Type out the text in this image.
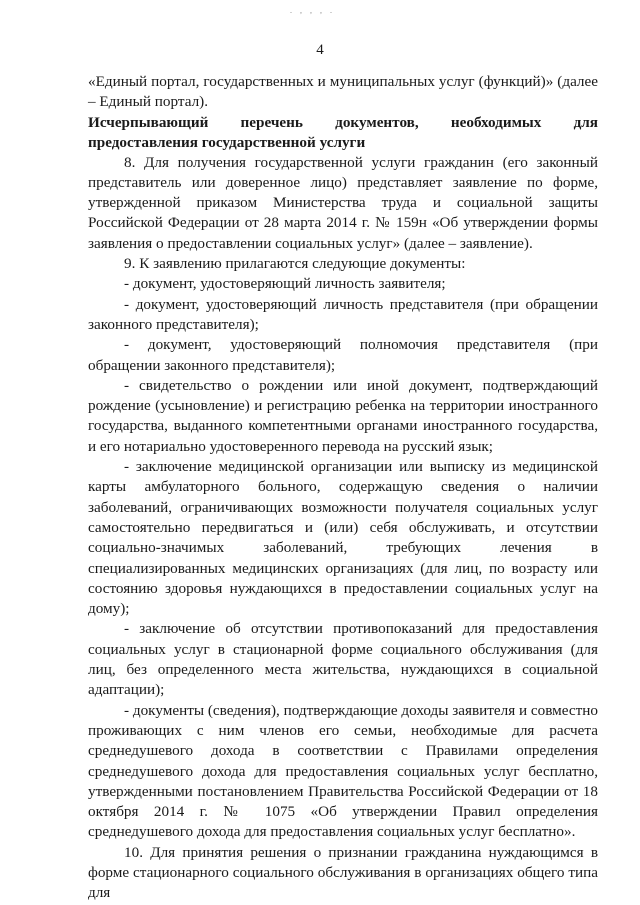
. , , , .
4

«Единый портал, государственных и муниципальных услуг (функций)» (далее – Единый портал).

Исчерпывающий перечень документов, необходимых для предоставления государственной услуги

8. Для получения государственной услуги гражданин (его законный представитель или доверенное лицо) представляет заявление по форме, утвержденной приказом Министерства труда и социальной защиты Российской Федерации от 28 марта 2014 г. № 159н «Об утверждении формы заявления о предоставлении социальных услуг» (далее – заявление).

9. К заявлению прилагаются следующие документы:

- документ, удостоверяющий личность заявителя;

- документ, удостоверяющий личность представителя (при обращении законного представителя);

- документ, удостоверяющий полномочия представителя (при обращении законного представителя);

- свидетельство о рождении или иной документ, подтверждающий рождение (усыновление) и регистрацию ребенка на территории иностранного государства, выданного компетентными органами иностранного государства, и его нотариально удостоверенного перевода на русский язык;

- заключение медицинской организации или выписку из медицинской карты амбулаторного больного, содержащую сведения о наличии заболеваний, ограничивающих возможности получателя социальных услуг самостоятельно передвигаться и (или) себя обслуживать, и отсутствии социально-значимых заболеваний, требующих лечения в специализированных медицинских организациях (для лиц, по возрасту или состоянию здоровья нуждающихся в предоставлении социальных услуг на дому);

- заключение об отсутствии противопоказаний для предоставления социальных услуг в стационарной форме социального обслуживания (для лиц, без определенного места жительства, нуждающихся в социальной адаптации);

- документы (сведения), подтверждающие доходы заявителя и совместно проживающих с ним членов его семьи, необходимые для расчета среднедушевого дохода в соответствии с Правилами определения среднедушевого дохода для предоставления социальных услуг бесплатно, утвержденными постановлением Правительства Российской Федерации от 18 октября 2014 г. № 1075 «Об утверждении Правил определения среднедушевого дохода для предоставления социальных услуг бесплатно».

10. Для принятия решения о признании гражданина нуждающимся в форме стационарного социального обслуживания в организациях общего типа для
